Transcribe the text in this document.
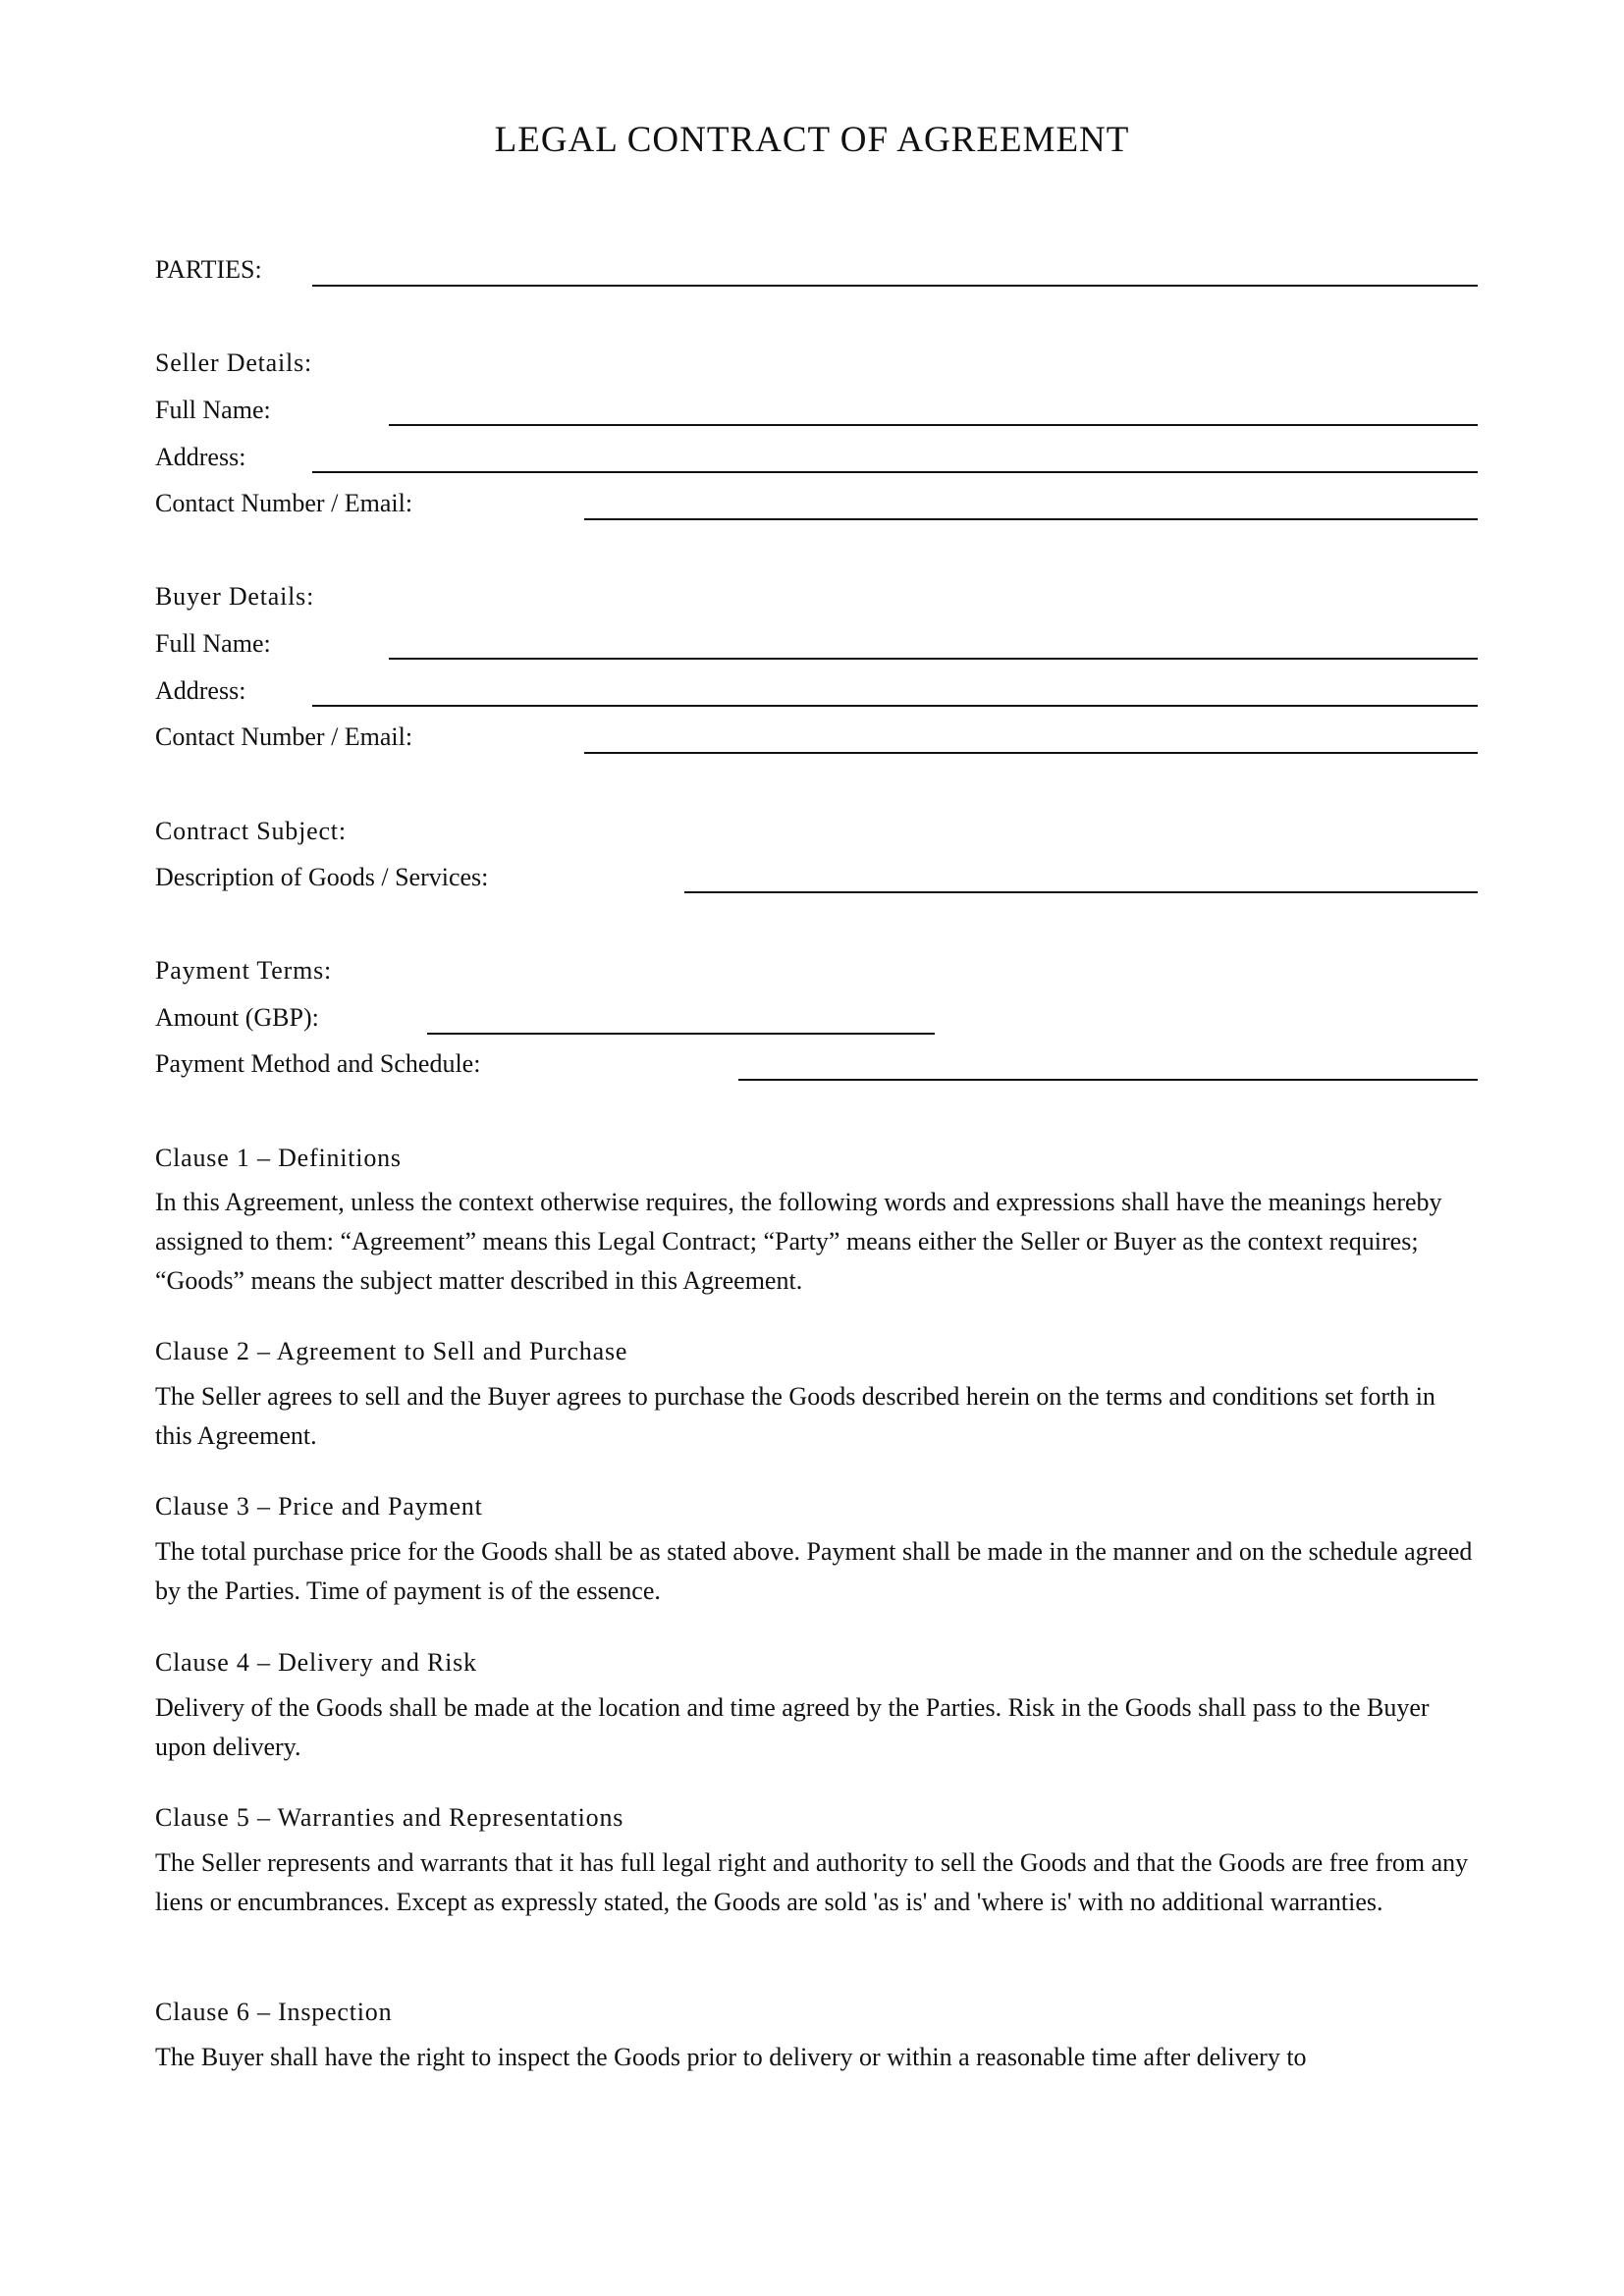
LEGAL CONTRACT OF AGREEMENT
PARTIES:
Seller Details:
Full Name:
Address:
Contact Number / Email:
Buyer Details:
Full Name:
Address:
Contact Number / Email:
Contract Subject:
Description of Goods / Services:
Payment Terms:
Amount (GBP):
Payment Method and Schedule:
Clause 1 – Definitions
In this Agreement, unless the context otherwise requires, the following words and expressions shall have the meanings hereby assigned to them: “Agreement” means this Legal Contract; “Party” means either the Seller or Buyer as the context requires; “Goods” means the subject matter described in this Agreement.
Clause 2 – Agreement to Sell and Purchase
The Seller agrees to sell and the Buyer agrees to purchase the Goods described herein on the terms and conditions set forth in this Agreement.
Clause 3 – Price and Payment
The total purchase price for the Goods shall be as stated above. Payment shall be made in the manner and on the schedule agreed by the Parties. Time of payment is of the essence.
Clause 4 – Delivery and Risk
Delivery of the Goods shall be made at the location and time agreed by the Parties. Risk in the Goods shall pass to the Buyer upon delivery.
Clause 5 – Warranties and Representations
The Seller represents and warrants that it has full legal right and authority to sell the Goods and that the Goods are free from any liens or encumbrances. Except as expressly stated, the Goods are sold 'as is' and 'where is' with no additional warranties.
Clause 6 – Inspection
The Buyer shall have the right to inspect the Goods prior to delivery or within a reasonable time after delivery to
